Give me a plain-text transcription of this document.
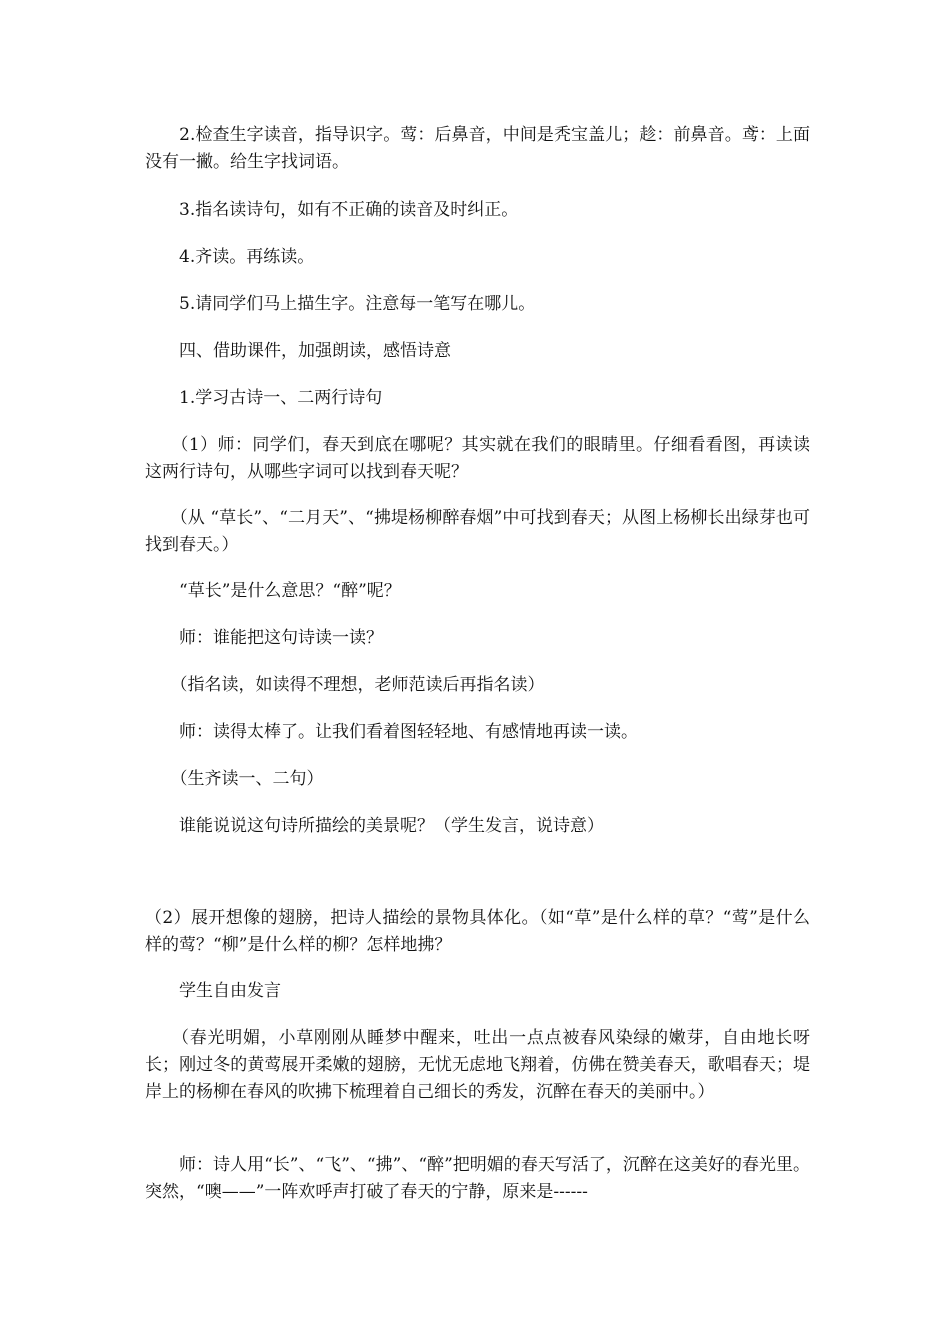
　　2.检查生字读音，指导识字。莺：后鼻音，中间是秃宝盖儿；趁：前鼻音。鸢：上面没有一撇。给生字找词语。

　　3.指名读诗句，如有不正确的读音及时纠正。

　　4.齐读。再练读。

　　5.请同学们马上描生字。注意每一笔写在哪儿。

　　四、借助课件，加强朗读，感悟诗意

　　1.学习古诗一、二两行诗句

　　（1）师：同学们，春天到底在哪呢？其实就在我们的眼睛里。仔细看看图，再读读这两行诗句，从哪些字词可以找到春天呢？

　　（从 “草长”、“二月天”、“拂堤杨柳醉春烟”中可找到春天；从图上杨柳长出绿芽也可找到春天。）

　　“草长”是什么意思？“醉”呢？

　　师：谁能把这句诗读一读？

　　（指名读，如读得不理想，老师范读后再指名读）

　　师：读得太棒了。让我们看着图轻轻地、有感情地再读一读。

　　（生齐读一、二句）

　　谁能说说这句诗所描绘的美景呢？（学生发言，说诗意）

（2）展开想像的翅膀，把诗人描绘的景物具体化。（如“草”是什么样的草？“莺”是什么样的莺？“柳”是什么样的柳？怎样地拂？

　　学生自由发言

　　（春光明媚，小草刚刚从睡梦中醒来，吐出一点点被春风染绿的嫩芽，自由地长呀长；刚过冬的黄莺展开柔嫩的翅膀，无忧无虑地飞翔着，仿佛在赞美春天，歌唱春天；堤岸上的杨柳在春风的吹拂下梳理着自己细长的秀发，沉醉在春天的美丽中。）

　　师：诗人用“长”、“飞”、“拂”、“醉”把明媚的春天写活了，沉醉在这美好的春光里。突然，“噢——”一阵欢呼声打破了春天的宁静，原来是------
